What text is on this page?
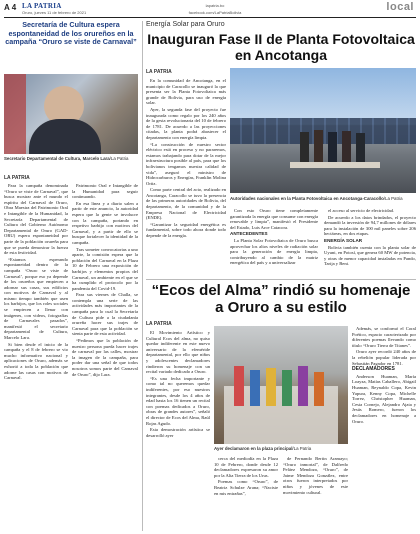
A 4 LA PATRIA
Oruro, jueves 11 de febrero de 2021
lapatria.bo
facebook.com/LaPatriaBolivia	local
Secretaría de Cultura espera espontaneidad de los orureños en la campaña “Oruro se viste de Carnaval”
Secretario Departamental de Cultura, Marcelo Lara/La Patria
LA PATRIA

Para la campaña denominada “Oruro se viste de Carnaval”, que busca mostrar ante el mundo el espíritu del Carnaval de Oruro, Obra Maestra del Patrimonio Oral e Intangible de la Humanidad, la Secretaría Departamental de Cultura del Gobierno Autónomo Departamental de Oruro (GAD-ORU) espera espontaneidad por parte de la población orureña para que se pueda demostrar la fuerza de esta festividad.

“Estamos esperando espontaneidad dentro de la campaña ‘Oruro se viste de Carnaval’, porque eso ya depende de los orureños que empiecen a adornar sus casas, sus edificios con motivos de Carnaval y al mismo tiempo también que usen los barbijos, que los roles sociales se empiecen a llenar con imágenes, con videos, fotografías de Carnavales pasados”, manifestó el secretario departamental de Cultura, Marcelo Lara.

Si bien desde el inicio de la campaña y el 8 de febrero se vio mucho informativo nacional y aplicaciones de Oruro, además se exhortó a toda la población que adorne las casas con motivos de Carnaval.

Patrimonio Oral e Intangible de la Humanidad para seguir continuando.

En esa línea y a diario salen a partir de este anuncio, la autoridad espera que la gente se involucre con la campaña, portando en respetivo barbijo con motivos del Carnaval, y a partir de ello se busque fortalecer la identidad de la campaña.

Tras someter convocatorias a uno aparte, la comisión espera que la población del Carnaval en la Plaza 10 de Febrero una exposición de barbijos y elementos propios del Carnaval, un ambiente en el que se ha cumplido el protocolo por la pandemia del Covid-19.

Para sus viernes de Challa, se contempla una serie de las actividades más importantes de la campaña para lo cual la Secretaría de Cultura pide a la ciudadanía orureña hacer sus trajes de Carnaval para que la población se sienta parte de esta actividad.

“Pedimos que la población de nuestro persona pueda hacer trajes de carnaval por las calles, mostrar la imagen de la campaña, para poder dar una señal de que todos nosotros somos parte del Carnaval de Oruro”, dijo Lara.

Energía Solar para Oruro
Inauguran Fase II de Planta Fotovoltaica en Ancotanga
LA PATRIA

En la comunidad de Ancotanga, en el municipio de Caracollo se inauguró la que presenta ser la Planta Fotovoltaica más grande de Bolivia, para uso de energía solar.

Ayer, la segunda fase del proyecto fue inaugurada como regalo por los 240 años de la gesta revolucionaria del 10 de febrero de 1781. De acuerdo a las proyecciones citadas, la planta podrá abastecer el departamento con energía limpia.

“La construcción de nuestro sector eléctrico está en proceso y no pararemos, estamos trabajando para dotar de la mejor infraestructura posible al país, para que los bolivianos tengamos nuestra calidad de vida”, aseguró el ministro de Hidrocarburos y Energías, Franklin Molina Ortiz.

Como parte central del acto, realizado en Ancotanga, Caracollo se tuvo la presencia de las primeras autoridades de Bolivia, del departamento, de la comunidad y de la Empresa Nacional de Electricidad (ENDE).

“Garantizar la seguridad energética es fundamental, sobre todo ahora donde todo depende de la energía.

Autoridades nacionales en la Planta Fotovoltaica en Ancotanga-Caracollo/La Patria

Con esto Oruro tiene completamente garantizada la energía que consume con energía renovable y limpia”, manifestó el Presidente del Estado, Luis Arce Catacora.

ANTECEDENTES

La Planta Solar Fotovoltaica de Oruro busca aprovechar los altos niveles de radiación solar para la generación de energía limpia, contribuyendo al cambio de la matriz energética del país y a universalizar

el acceso al servicio de electricidad.

De acuerdo a los datos brindados, el proyecto demandó la inversión de 94,7 millones de dólares para la instalación de 300 mil paneles sobre 206 hectáreas, en dos etapas.

ENERGÍA SOLAR

Bolivia también cuenta con la planta solar de Uyuni, en Potosí, que genera 60 MW de potencia, y otras de menor capacidad instaladas en Pando, Tarija y Beni.

“Ecos del Alma” rindió su homenaje a Oruro a su estilo
LA PATRIA

El Movimiento Artístico y Cultural Ecos del alma, no quiso quedar indiferente en este nuevo aniversario de la efeméride departamental, por ello que niños y adolescentes declamadores rindieron su homenaje con un recital variado dedicado a Oruro.

“Es una fecha importante y como tal no queremos quedar indiferentes, por eso nuestros integrantes, desde los 4 años de edad hasta los 16 tienen un recital con poemas dedicados a Oruro, obras de grandes autores”, señaló el director de Ecos del Alma, Raúl Rojas Agudo.

Esta demostración artística se desarrolló ayer

Ayer declamaron en la plaza principal/La Patria

cerca del mediodía en la Plaza 10 de Febrero, donde desde 12 declamadores expresaron su amor por la Alta Tierra de los Urus.

Poemas como “Oruro”, de Beatriz Schulze Arana; “Naciste en mis entrañas”,

de Fernando Bertin Aramayo; “Oruro inmortal”, de Dalfredo Peláez Mendoza, “Oruro”, de Jaime Mendoza González, entre otros fueron interpretados por niños y jóvenes de este movimiento cultural.

Además, se conformó el Coral Poético, espacio caracterizado por diferentes poemas llevando como título “Oruro Tierra de Titanes”.

Oruro ayer recordó 240 años de la rebelión popular liderada por Sebastián Pagador en 1781.

DECLAMADORES

Anderson Huaman, María Loayza, Matías Caballero, Abigail Huaman, Reynaldo Copa, Kevin Yapura, Kenny Copa, Michelle Torrez, Christopher Huaman, Cesia Cornejo, Alejandro Ajata y Jesús Romero, fueron los declamadores en homenaje a Oruro.
